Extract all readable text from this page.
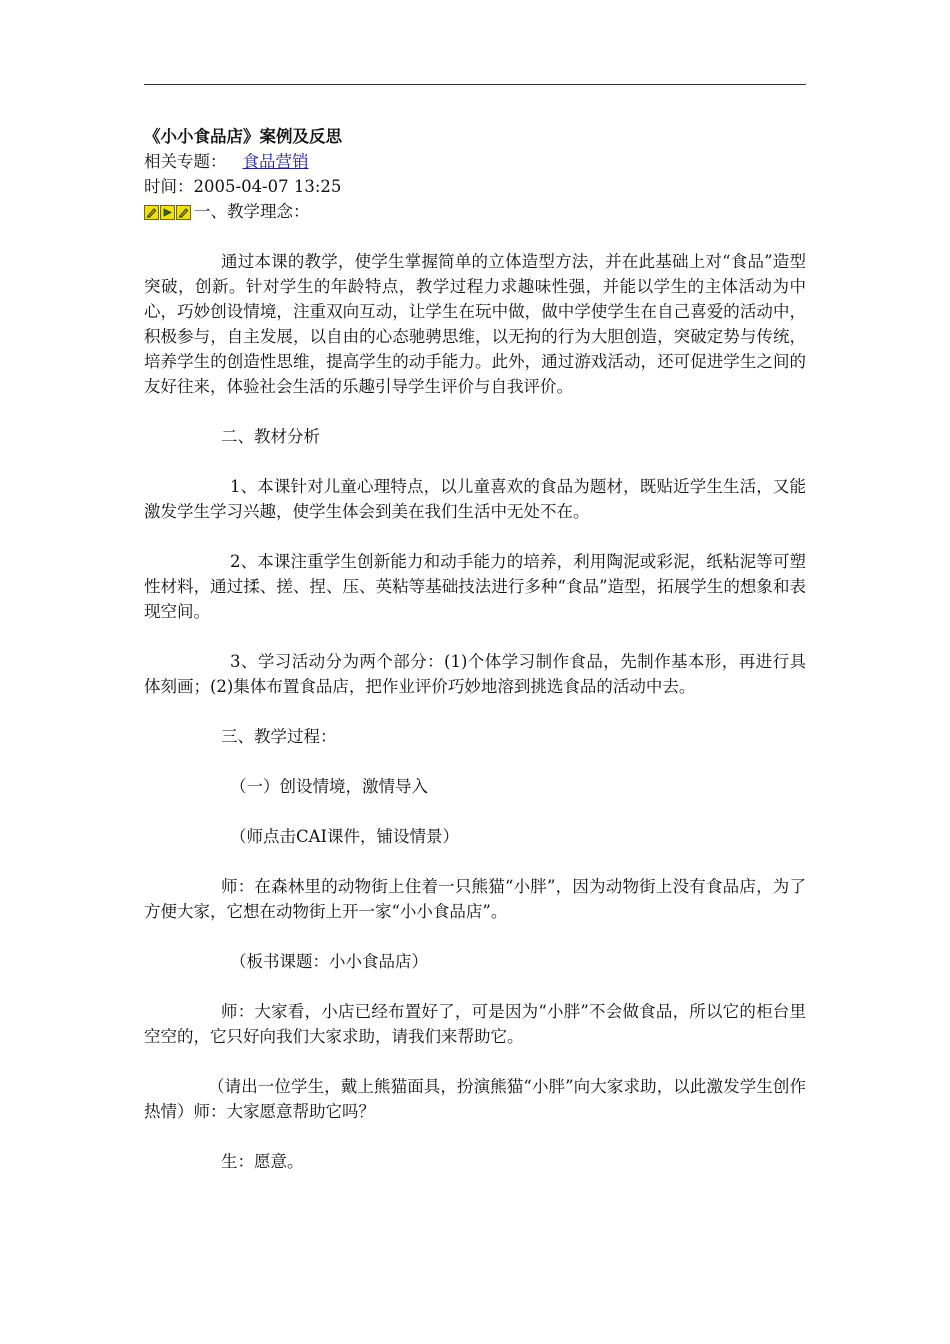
《小小食品店》案例及反思
相关专题： 食品营销
时间：2005-04-07 13:25
一、教学理念：

通过本课的教学，使学生掌握简单的立体造型方法，并在此基础上对“食品”造型突破，创新。针对学生的年龄特点，教学过程力求趣味性强，并能以学生的主体活动为中心，巧妙创设情境，注重双向互动，让学生在玩中做，做中学使学生在自己喜爱的活动中，积极参与，自主发展，以自由的心态驰骋思维，以无拘的行为大胆创造，突破定势与传统，培养学生的创造性思维，提高学生的动手能力。此外，通过游戏活动，还可促进学生之间的友好往来，体验社会生活的乐趣引导学生评价与自我评价。

二、教材分析

1、本课针对儿童心理特点，以儿童喜欢的食品为题材，既贴近学生生活，又能激发学生学习兴趣，使学生体会到美在我们生活中无处不在。

2、本课注重学生创新能力和动手能力的培养，利用陶泥或彩泥，纸粘泥等可塑性材料，通过揉、搓、捏、压、英粘等基础技法进行多种“食品”造型，拓展学生的想象和表现空间。

3、学习活动分为两个部分：(1)个体学习制作食品，先制作基本形，再进行具体刻画；(2)集体布置食品店，把作业评价巧妙地溶到挑选食品的活动中去。

三、教学过程：

（一）创设情境，激情导入

（师点击CAI课件，铺设情景）

师：在森林里的动物街上住着一只熊猫“小胖”，因为动物街上没有食品店，为了方便大家，它想在动物街上开一家“小小食品店”。

（板书课题：小小食品店）

师：大家看，小店已经布置好了，可是因为“小胖”不会做食品，所以它的柜台里空空的，它只好向我们大家求助，请我们来帮助它。

（请出一位学生，戴上熊猫面具，扮演熊猫“小胖”向大家求助，以此激发学生创作热情）师：大家愿意帮助它吗？

生：愿意。
